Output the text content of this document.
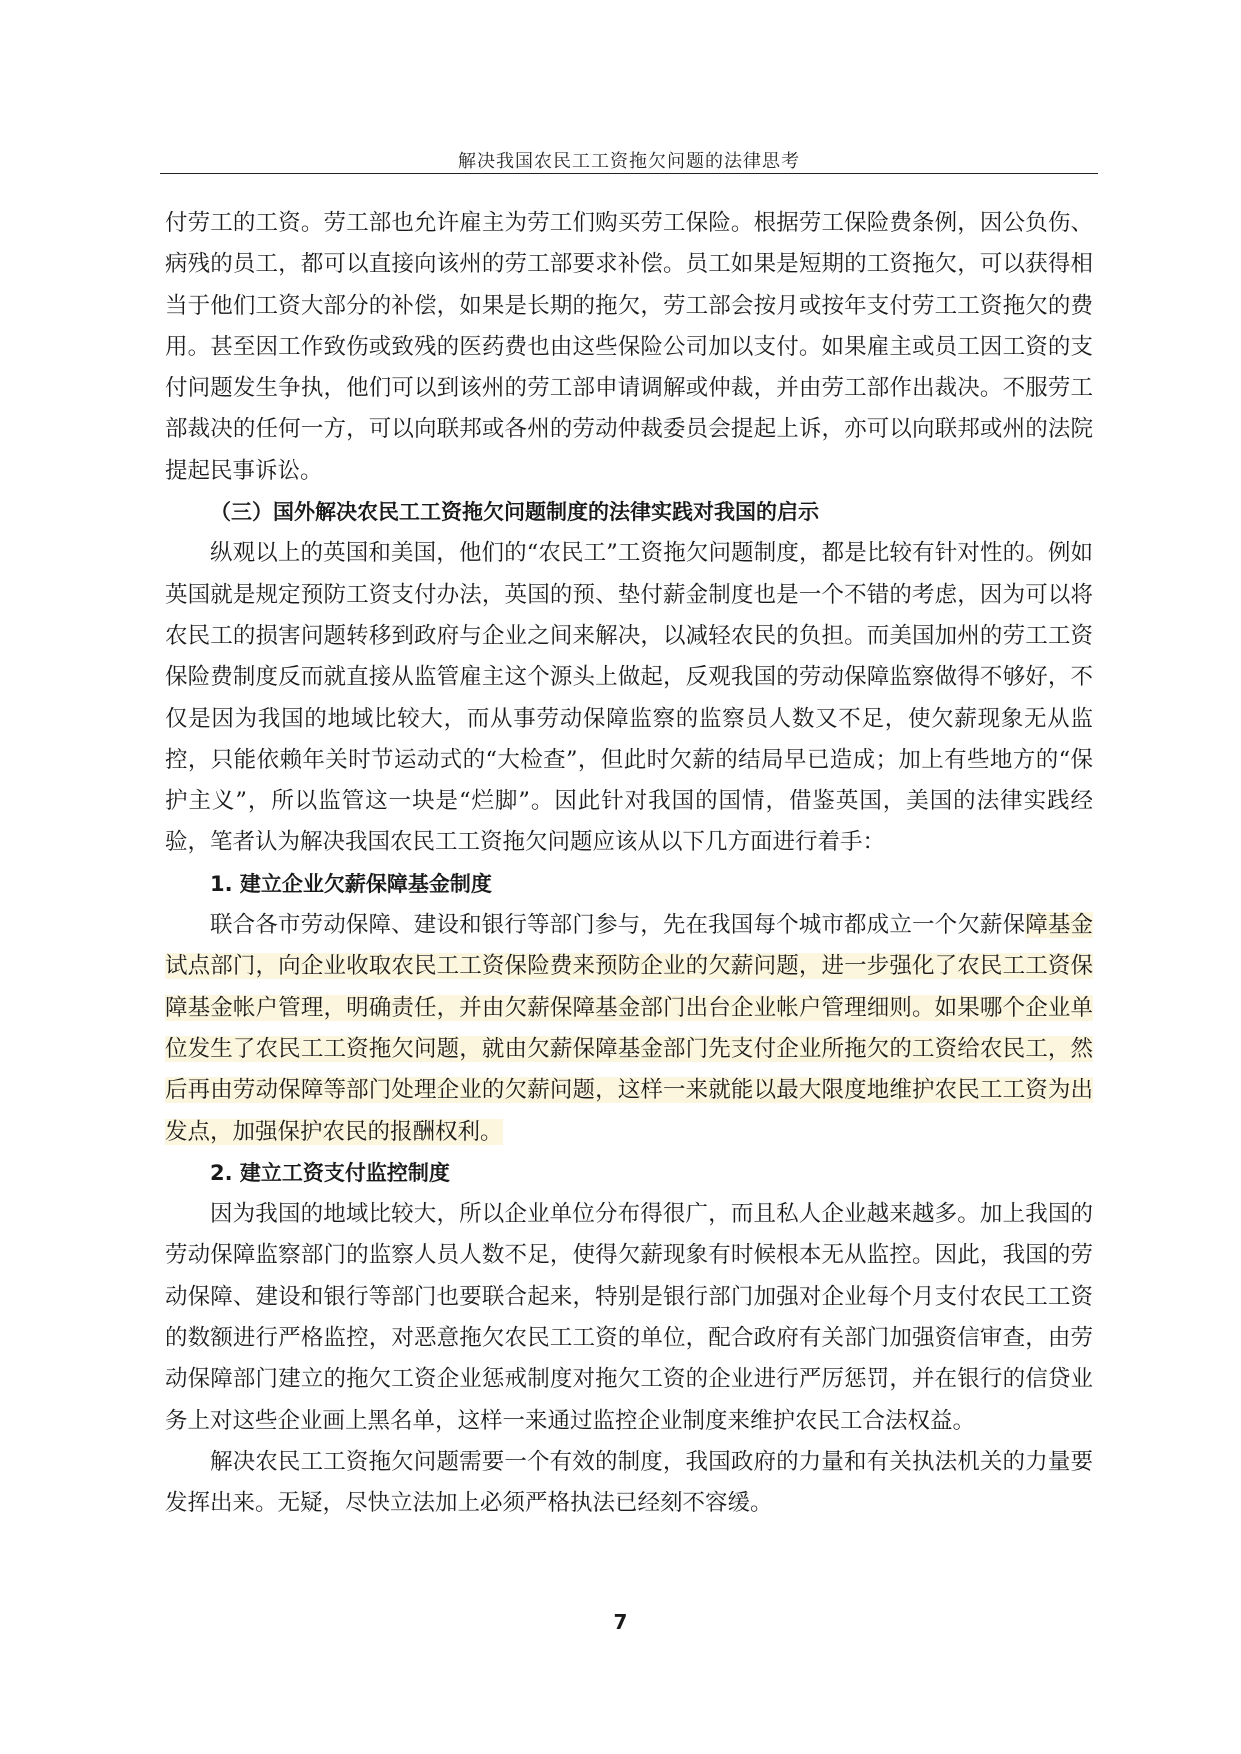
解决我国农民工工资拖欠问题的法律思考

付劳工的工资。劳工部也允许雇主为劳工们购买劳工保险。根据劳工保险费条例，因公负伤、病残的员工，都可以直接向该州的劳工部要求补偿。员工如果是短期的工资拖欠，可以获得相当于他们工资大部分的补偿，如果是长期的拖欠，劳工部会按月或按年支付劳工工资拖欠的费用。甚至因工作致伤或致残的医药费也由这些保险公司加以支付。如果雇主或员工因工资的支付问题发生争执，他们可以到该州的劳工部申请调解或仲裁，并由劳工部作出裁决。不服劳工部裁决的任何一方，可以向联邦或各州的劳动仲裁委员会提起上诉，亦可以向联邦或州的法院提起民事诉讼。

（三）国外解决农民工工资拖欠问题制度的法律实践对我国的启示

纵观以上的英国和美国，他们的“农民工”工资拖欠问题制度，都是比较有针对性的。例如英国就是规定预防工资支付办法，英国的预、垫付薪金制度也是一个不错的考虑，因为可以将农民工的损害问题转移到政府与企业之间来解决，以减轻农民的负担。而美国加州的劳工工资保险费制度反而就直接从监管雇主这个源头上做起，反观我国的劳动保障监察做得不够好，不仅是因为我国的地域比较大，而从事劳动保障监察的监察员人数又不足，使欠薪现象无从监控，只能依赖年关时节运动式的“大检查”，但此时欠薪的结局早已造成；加上有些地方的“保护主义”，所以监管这一块是“烂脚”。因此针对我国的国情，借鉴英国，美国的法律实践经验，笔者认为解决我国农民工工资拖欠问题应该从以下几方面进行着手：

1. 建立企业欠薪保障基金制度

联合各市劳动保障、建设和银行等部门参与，先在我国每个城市都成立一个欠薪保障基金试点部门，向企业收取农民工工资保险费来预防企业的欠薪问题，进一步强化了农民工工资保障基金帐户管理，明确责任，并由欠薪保障基金部门出台企业帐户管理细则。如果哪个企业单位发生了农民工工资拖欠问题，就由欠薪保障基金部门先支付企业所拖欠的工资给农民工，然后再由劳动保障等部门处理企业的欠薪问题，这样一来就能以最大限度地维护农民工工资为出发点，加强保护农民的报酬权利。

2. 建立工资支付监控制度

因为我国的地域比较大，所以企业单位分布得很广，而且私人企业越来越多。加上我国的劳动保障监察部门的监察人员人数不足，使得欠薪现象有时候根本无从监控。因此，我国的劳动保障、建设和银行等部门也要联合起来，特别是银行部门加强对企业每个月支付农民工工资的数额进行严格监控，对恶意拖欠农民工工资的单位，配合政府有关部门加强资信审查，由劳动保障部门建立的拖欠工资企业惩戒制度对拖欠工资的企业进行严厉惩罚，并在银行的信贷业务上对这些企业画上黑名单，这样一来通过监控企业制度来维护农民工合法权益。

解决农民工工资拖欠问题需要一个有效的制度，我国政府的力量和有关执法机关的力量要发挥出来。无疑，尽快立法加上必须严格执法已经刻不容缓。

7
